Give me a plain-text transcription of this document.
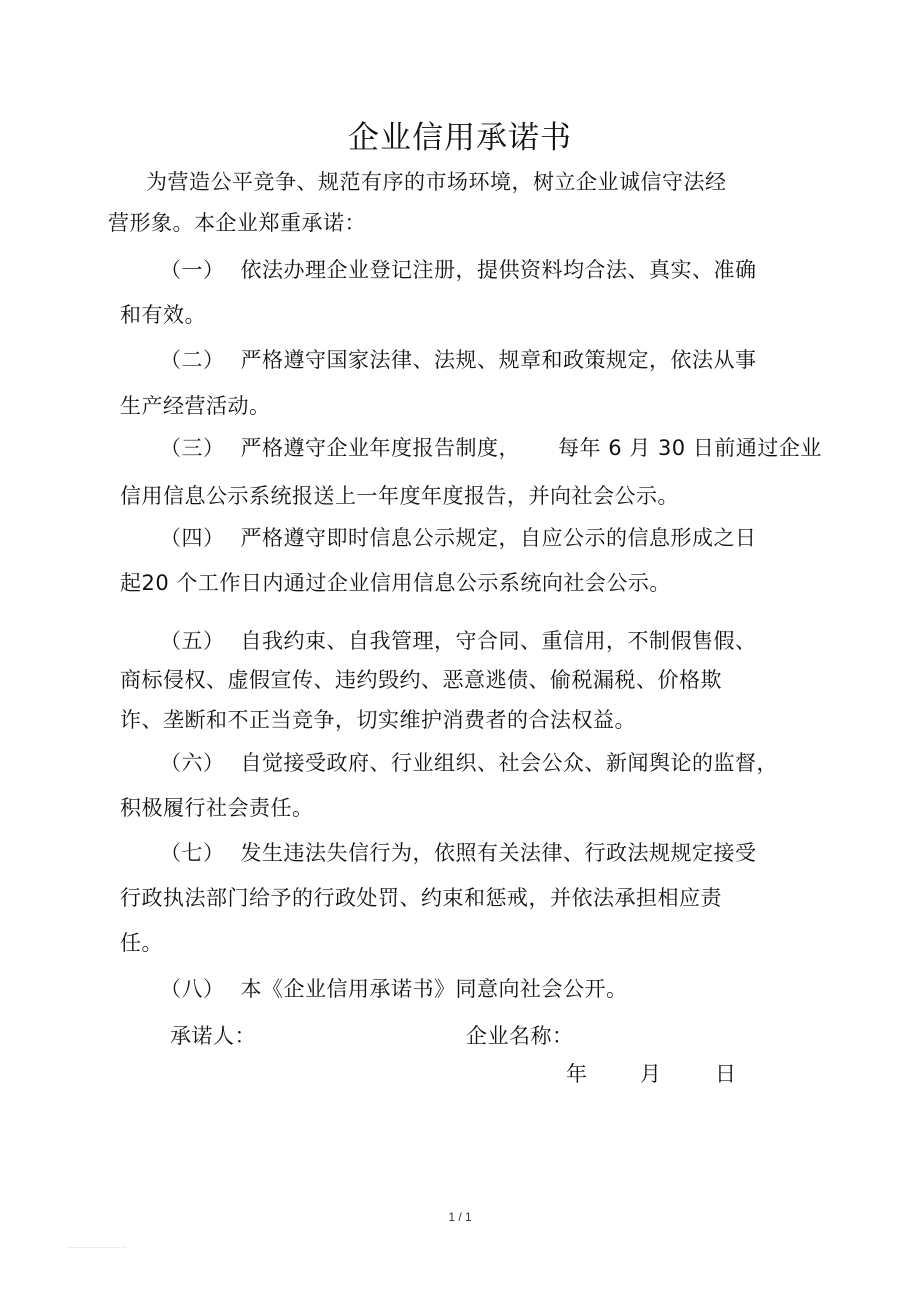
企业信用承诺书
为营造公平竞争、规范有序的市场环境，树立企业诚信守法经
营形象。本企业郑重承诺：
（一） 依法办理企业登记注册，提供资料均合法、真实、准确
和有效。
（二） 严格遵守国家法律、法规、规章和政策规定，依法从事
生产经营活动。
（三） 严格遵守企业年度报告制度， 每年 6 月 30 日前通过企业
信用信息公示系统报送上一年度年度报告，并向社会公示。
（四） 严格遵守即时信息公示规定，自应公示的信息形成之日
起20 个工作日内通过企业信用信息公示系统向社会公示。
（五） 自我约束、自我管理，守合同、重信用，不制假售假、
商标侵权、虚假宣传、违约毁约、恶意逃债、偷税漏税、价格欺
诈、垄断和不正当竞争，切实维护消费者的合法权益。
（六） 自觉接受政府、行业组织、社会公众、新闻舆论的监督，
积极履行社会责任。
（七） 发生违法失信行为，依照有关法律、行政法规规定接受
行政执法部门给予的行政处罚、约束和惩戒，并依法承担相应责
任。
（八） 本《企业信用承诺书》同意向社会公开。
承诺人：	企业名称：
年	月	日
1 / 1
